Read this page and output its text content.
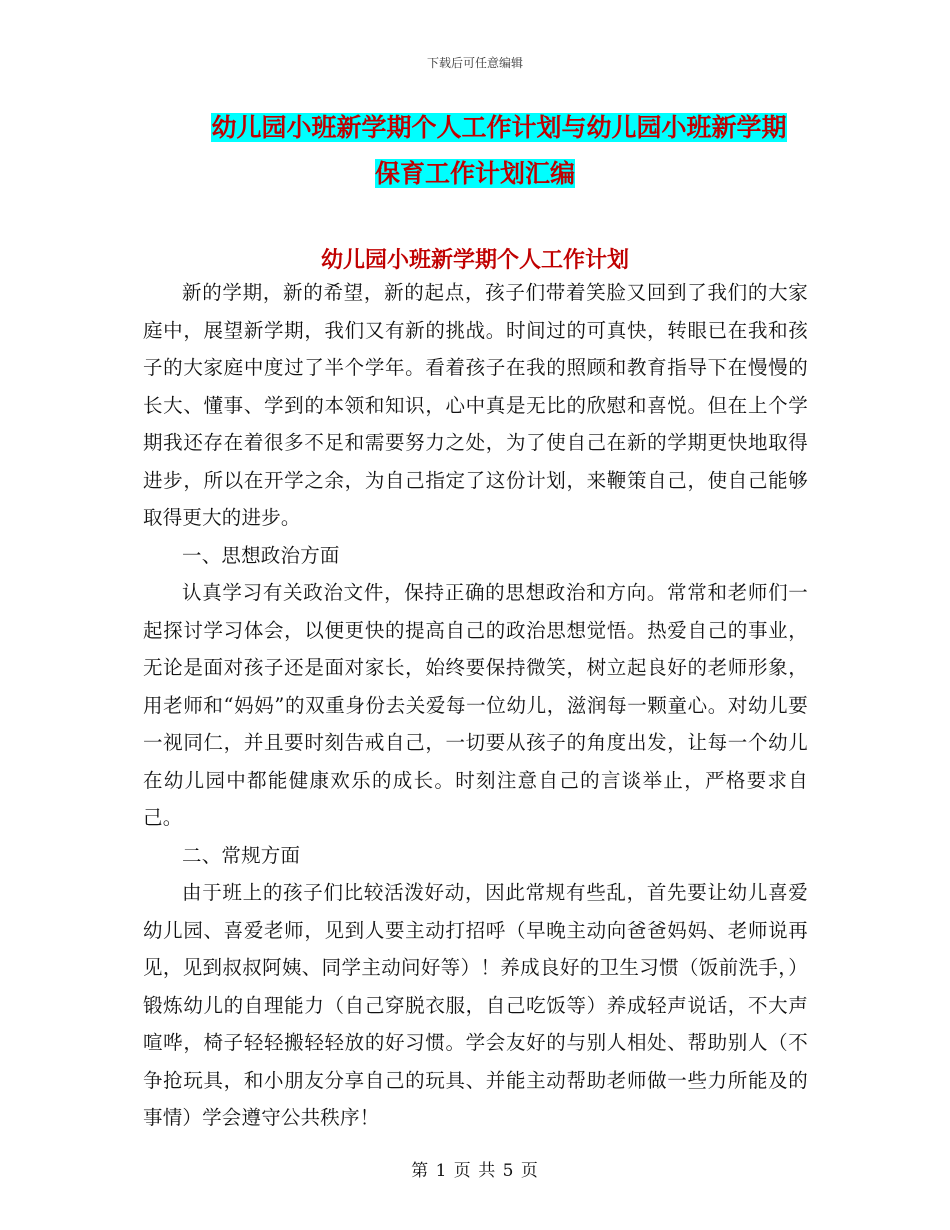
下载后可任意编辑
幼儿园小班新学期个人工作计划与幼儿园小班新学期
保育工作计划汇编
幼儿园小班新学期个人工作计划

新的学期，新的希望，新的起点，孩子们带着笑脸又回到了我们的大家庭中，展望新学期，我们又有新的挑战。时间过的可真快，转眼已在我和孩子的大家庭中度过了半个学年。看着孩子在我的照顾和教育指导下在慢慢的长大、懂事、学到的本领和知识，心中真是无比的欣慰和喜悦。但在上个学期我还存在着很多不足和需要努力之处，为了使自己在新的学期更快地取得进步，所以在开学之余，为自己指定了这份计划，来鞭策自己，使自己能够取得更大的进步。

一、思想政治方面

认真学习有关政治文件，保持正确的思想政治和方向。常常和老师们一起探讨学习体会，以便更快的提高自己的政治思想觉悟。热爱自己的事业，无论是面对孩子还是面对家长，始终要保持微笑，树立起良好的老师形象，用老师和“妈妈”的双重身份去关爱每一位幼儿，滋润每一颗童心。对幼儿要一视同仁，并且要时刻告戒自己，一切要从孩子的角度出发，让每一个幼儿在幼儿园中都能健康欢乐的成长。时刻注意自己的言谈举止，严格要求自己。

二、常规方面

由于班上的孩子们比较活泼好动，因此常规有些乱，首先要让幼儿喜爱幼儿园、喜爱老师，见到人要主动打招呼（早晚主动向爸爸妈妈、老师说再见，见到叔叔阿姨、同学主动问好等）！养成良好的卫生习惯（饭前洗手，）锻炼幼儿的自理能力（自己穿脱衣服，自己吃饭等）养成轻声说话，不大声喧哗，椅子轻轻搬轻轻放的好习惯。学会友好的与别人相处、帮助别人（不争抢玩具，和小朋友分享自己的玩具、并能主动帮助老师做一些力所能及的事情）学会遵守公共秩序！

第 1 页 共 5 页
